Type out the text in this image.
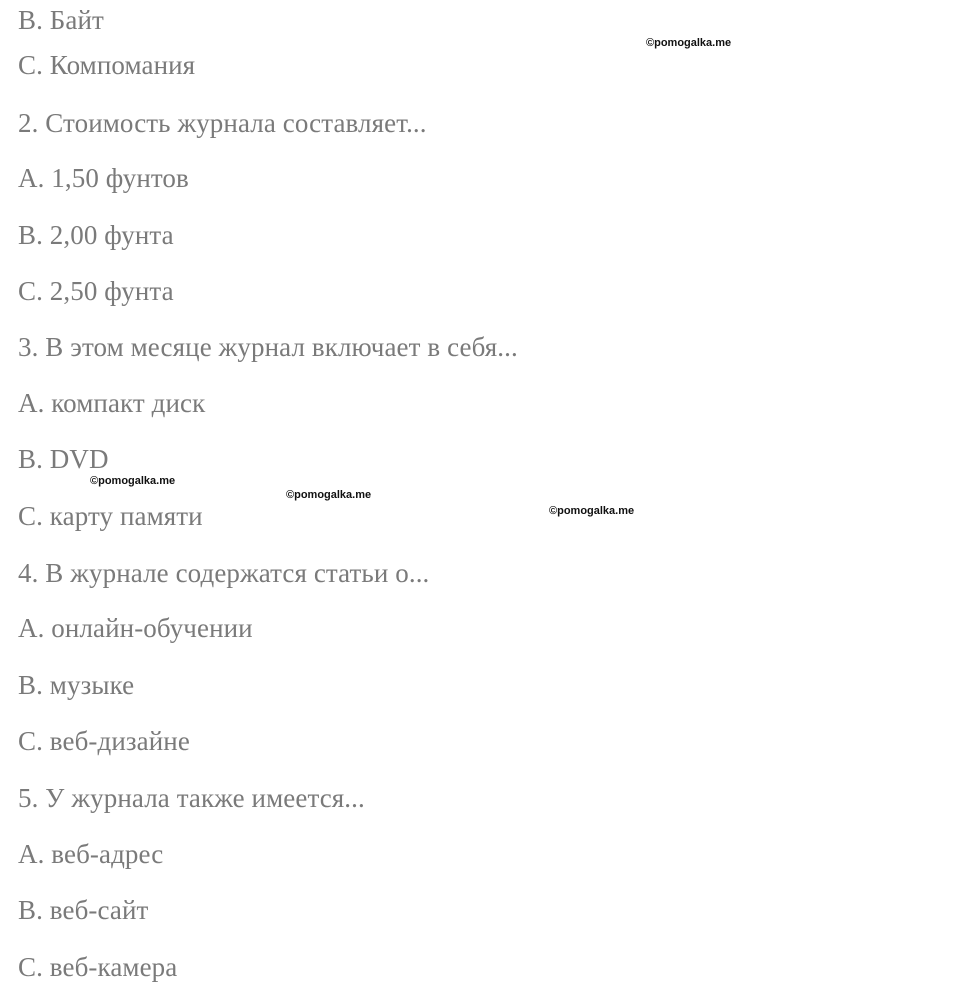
B. Байт
C. Компомания
2. Стоимость журнала составляет...
A. 1,50 фунтов
B. 2,00 фунта
C. 2,50 фунта
3. В этом месяце журнал включает в себя...
A. компакт диск
B. DVD
C. карту памяти
4. В журнале содержатся статьи о...
A. онлайн-обучении
B. музыке
C. веб-дизайне
5. У журнала также имеется...
A. веб-адрес
B. веб-сайт
C. веб-камера
©pomogalka.me
©pomogalka.me
©pomogalka.me
©pomogalka.me
